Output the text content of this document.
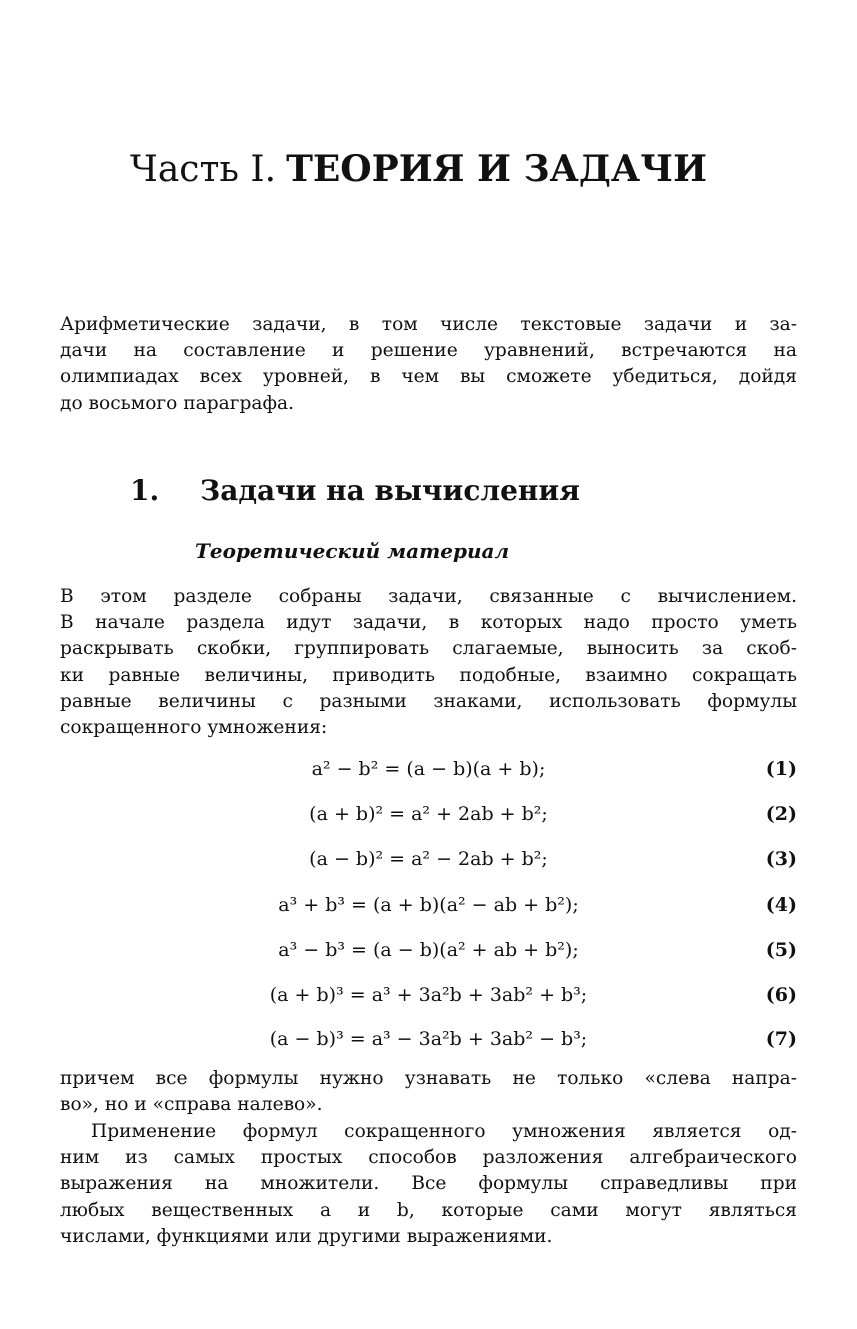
Часть I. ТЕОРИЯ И ЗАДАЧИ
Арифметические задачи, в том числе текстовые задачи и за-
дачи на составление и решение уравнений, встречаются на
олимпиадах всех уровней, в чем вы сможете убедиться, дойдя
до восьмого параграфа.
1. Задачи на вычисления
Теоретический материал
В этом разделе собраны задачи, связанные с вычислением.
В начале раздела идут задачи, в которых надо просто уметь
раскрывать скобки, группировать слагаемые, выносить за скоб-
ки равные величины, приводить подобные, взаимно сокращать
равные величины с разными знаками, использовать формулы
сокращенного умножения:
a² − b² = (a − b)(a + b);	(1)
(a + b)² = a² + 2ab + b²;	(2)
(a − b)² = a² − 2ab + b²;	(3)
a³ + b³ = (a + b)(a² − ab + b²);	(4)
a³ − b³ = (a − b)(a² + ab + b²);	(5)
(a + b)³ = a³ + 3a²b + 3ab² + b³;	(6)
(a − b)³ = a³ − 3a²b + 3ab² − b³;	(7)
причем все формулы нужно узнавать не только «слева напра-
во», но и «справа налево».
Применение формул сокращенного умножения является од-
ним из самых простых способов разложения алгебраического
выражения на множители. Все формулы справедливы при
любых вещественных a и b, которые сами могут являться
числами, функциями или другими выражениями.
